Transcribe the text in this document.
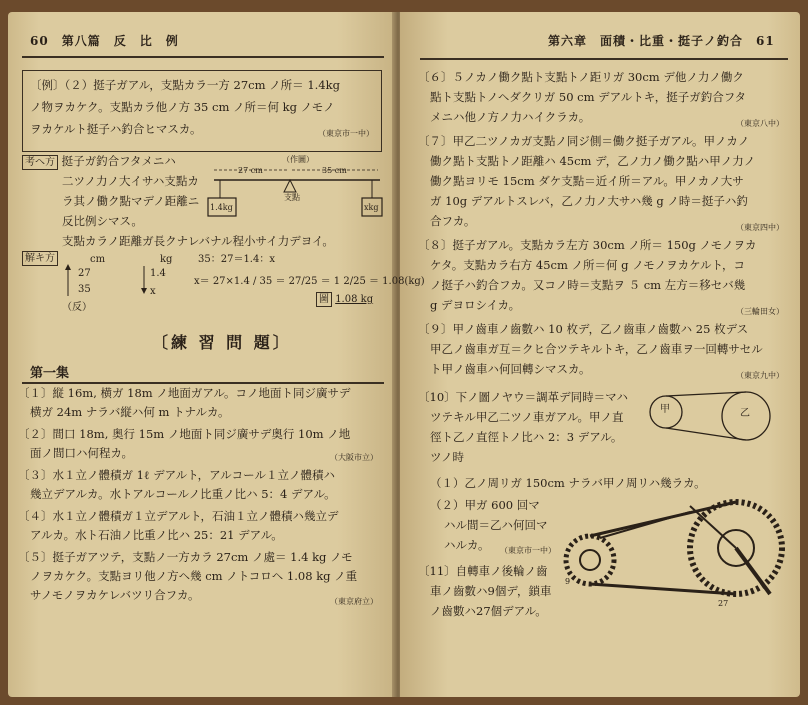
60　第八篇　反　比　例
〔例〕（２）挺子ガアル，支點カラ一方 27cm ノ所＝ 1.4kg
ノ物ヲカケク。支點カラ他ノ方 35 cm ノ所＝何 kg ノモノ
ヲカケルト挺子ハ釣合ヒマスカ。	（東京市一中）
考へ方 挺子ガ釣合フタメニハ
二ツノ力ノ大イサハ支點カ
ラ其ノ働ク點マデノ距離ニ
反比例シマス。
支點カラノ距離ガ長クナレバナル程小サイ力デヨイ。
（作圖）
27 cm	35 cm
支點
1.4kg	xkg
解キ方	cm	kg	35：27＝1.4：x
27
35
1.4
x
（反）
x＝ 27×1.4 / 35 ＝ 27/25 ＝ 1 2/25 ＝ 1.08(kg)
圖 1.08 kg
〔練 習 問 題〕
第一集
〔１〕縦 16m, 横ガ 18m ノ地面ガアル。コノ地面ト同ジ廣サデ
横ガ 24m ナラバ縦ハ何 m トナルカ。
〔２〕間口 18m, 奥行 15m ノ地面ト同ジ廣サデ奥行 10m ノ地
面ノ間口ハ何程カ。	（大阪市立）
〔３〕水１立ノ體積ガ 1ℓ デアルト，アルコール１立ノ體積ハ
幾立デアルカ。水トアルコールノ比重ノ比ハ 5：4 デアル。
〔４〕水１立ノ體積ガ１立デアルト，石油１立ノ體積ハ幾立デ
アルカ。水ト石油ノ比重ノ比ハ 25：21 デアル。
〔５〕挺子ガアツテ，支點ノ一方カラ 27cm ノ處＝ 1.4 kg ノモ
ノヲカケク。支點ヨリ他ノ方ヘ幾 cm ノトコロヘ 1.08 kg ノ重
サノモノヲカケレバツリ合フカ。	（東京府立）
第六章　面積・比重・挺子ノ釣合　61
〔６〕５ノカノ働ク點ト支點トノ距リガ 30cm デ他ノ力ノ働ク
點ト支點トノヘダクリガ 50 cm デアルトキ，挺子ガ釣合フタ
メニハ他ノ方ノ力ハイクラカ。	（東京八中）
〔７〕甲乙二ツノカガ支點ノ同ジ側＝働ク挺子ガアル。甲ノカノ
働ク點ト支點トノ距離ハ 45cm デ，乙ノ力ノ働ク點ハ甲ノ力ノ
働ク點ヨリモ 15cm ダケ支點＝近イ所＝アル。甲ノカノ大サ
ガ 10g デアルトスレバ，乙ノ力ノ大サハ幾 g ノ時＝挺子ハ釣
合フカ。	（東京四中）
〔８〕挺子ガアル。支點カラ左方 30cm ノ所＝ 150g ノモノヲカ
ケタ。支點カラ右方 45cm ノ所＝何 g ノモノヲカケルト，コ
ノ挺子ハ釣合フカ。又コノ時＝支點ヲ ５ cm 左方＝移セバ幾
g デヨロシイカ。	（三輪田女）
〔９〕甲ノ齒車ノ齒數ハ 10 枚デ，乙ノ齒車ノ齒數ハ 25 枚デス
甲乙ノ齒車ガ互＝クヒ合ツテキルトキ，乙ノ齒車ヲ一回轉サセル
ト甲ノ齒車ハ何回轉シマスカ。	（東京九中）
〔10〕下ノ圖ノヤウ＝調革デ同時＝マハ
ツテキル甲乙二ツノ車ガアル。甲ノ直
徑ト乙ノ直徑トノ比ハ 2：3 デアル。
ツノ時
甲	乙
（１）乙ノ周リガ 150cm ナラバ甲ノ周リハ幾ラカ。
（２）甲ガ 600 回マ
ハル間＝乙ハ何回マ
ハルカ。 （東京市一中）
〔11〕自轉車ノ後輪ノ齒
車ノ齒數ハ9個デ，鎖車
ノ齒數ハ27個デアル。
9
27
